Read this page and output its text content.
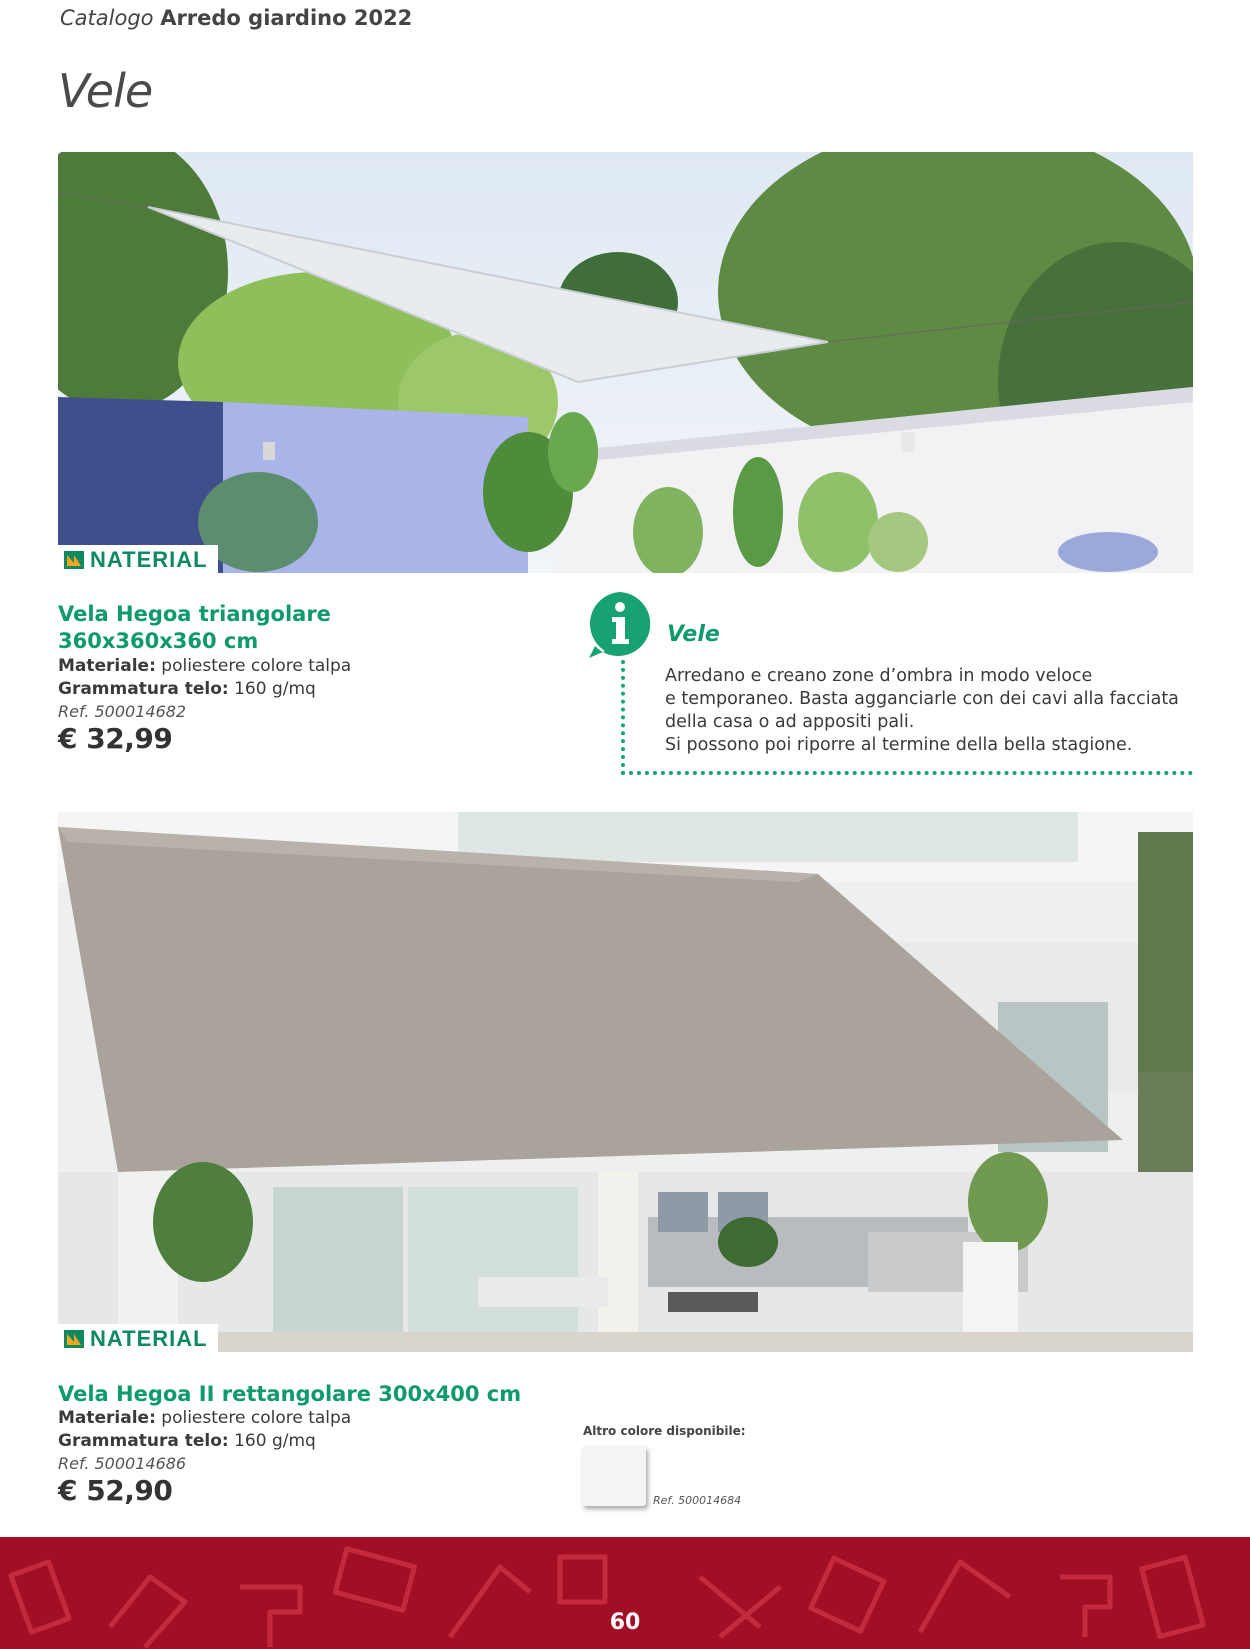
Catalogo Arredo giardino 2022
Vele
NATERIAL
Vela Hegoa triangolare
360x360x360 cm
Materiale: poliestere colore talpa
Grammatura telo: 160 g/mq
Ref. 500014682
€ 32,99
Vele
Arredano e creano zone d’ombra in modo veloce
e temporaneo. Basta agganciarle con dei cavi alla facciata
della casa o ad appositi pali.
Si possono poi riporre al termine della bella stagione.
NATERIAL
Vela Hegoa II rettangolare 300x400 cm
Materiale: poliestere colore talpa
Grammatura telo: 160 g/mq
Ref. 500014686
€ 52,90
Altro colore disponibile:
Ref. 500014684
60
